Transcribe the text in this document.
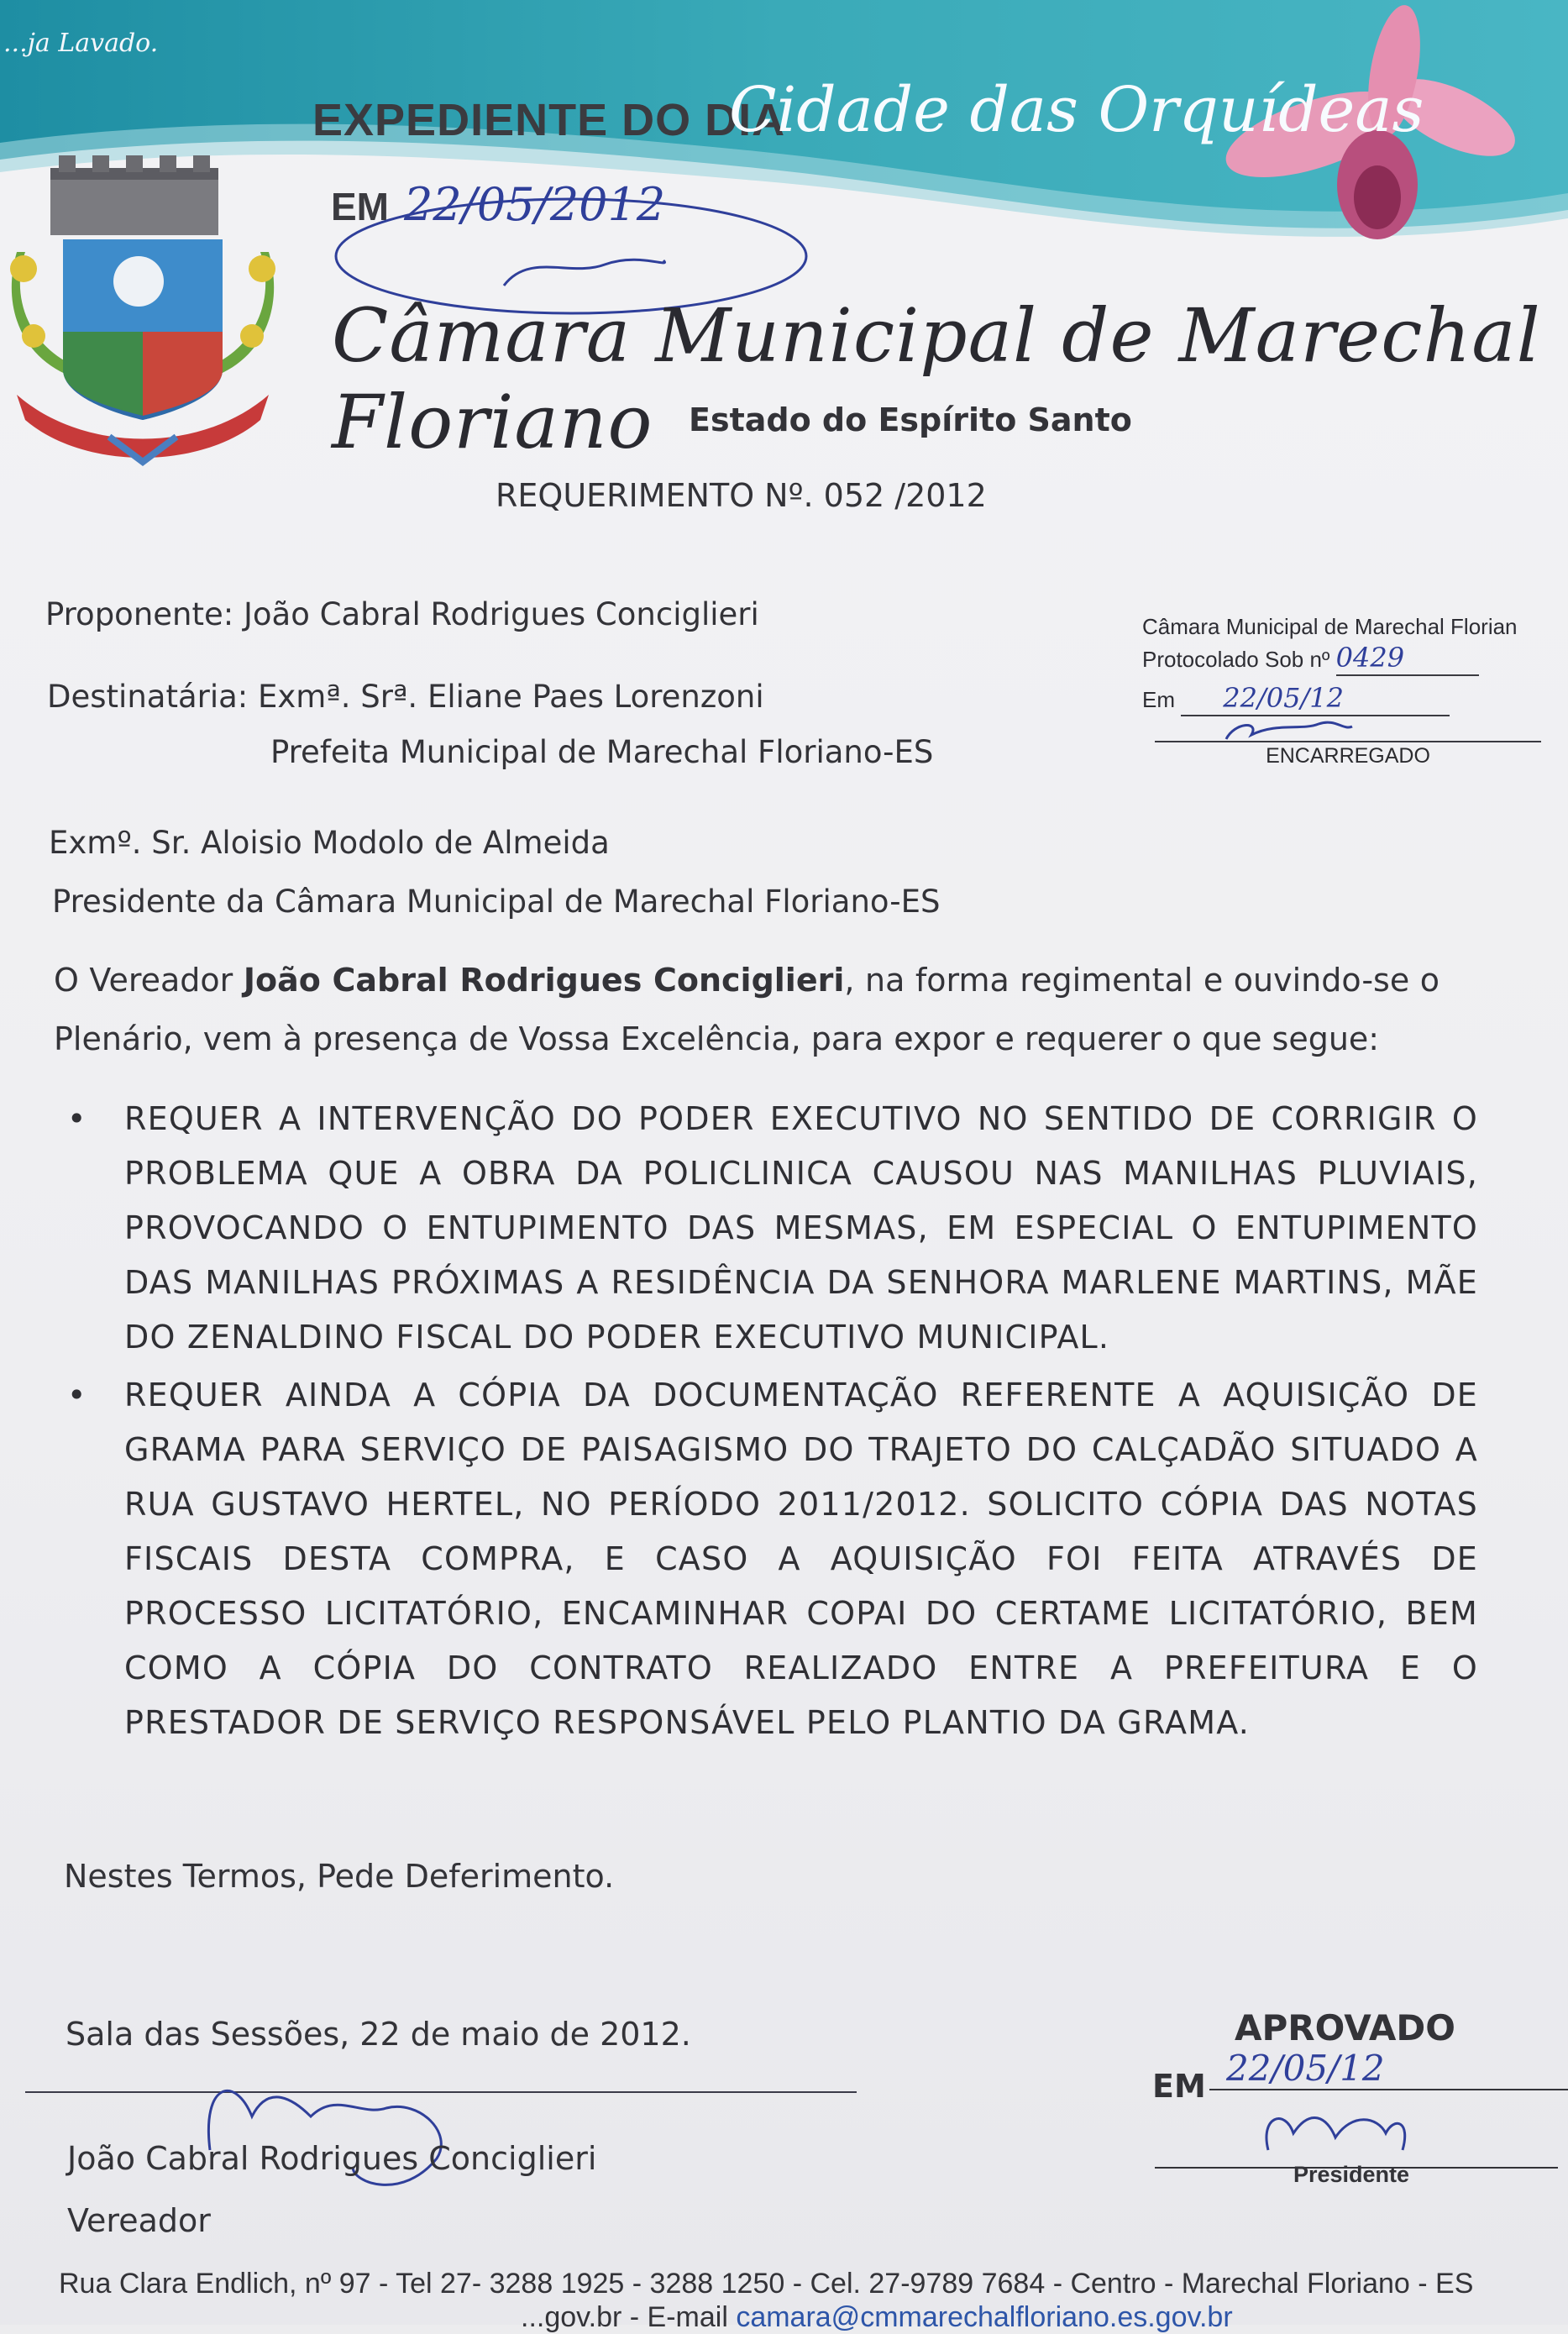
...ja Lavado.
EXPEDIENTE DO DIA
Cidade das Orquídeas
EM 22/05/2012
Câmara Municipal de Marechal Floriano	Estado do Espírito Santo
REQUERIMENTO Nº. 052 /2012
Proponente: João Cabral Rodrigues Conciglieri
Destinatária: Exmª. Srª. Eliane Paes Lorenzoni
Prefeita Municipal de Marechal Floriano-ES
Câmara Municipal de Marechal Florian
Protocolado Sob nº 0429
Em 22/05/12
ENCARREGADO
Exmº. Sr. Aloisio Modolo de Almeida
Presidente da Câmara Municipal de Marechal Floriano-ES
O Vereador João Cabral Rodrigues Conciglieri, na forma regimental e ouvindo-se o Plenário, vem à presença de Vossa Excelência, para expor e requerer o que segue:
• REQUER A INTERVENÇÃO DO PODER EXECUTIVO NO SENTIDO DE CORRIGIR O PROBLEMA QUE A OBRA DA POLICLINICA CAUSOU NAS MANILHAS PLUVIAIS, PROVOCANDO O ENTUPIMENTO DAS MESMAS, EM ESPECIAL O ENTUPIMENTO DAS MANILHAS PRÓXIMAS A RESIDÊNCIA DA SENHORA MARLENE MARTINS, MÃE DO ZENALDINO FISCAL DO PODER EXECUTIVO MUNICIPAL.
• REQUER AINDA A CÓPIA DA DOCUMENTAÇÃO REFERENTE A AQUISIÇÃO DE GRAMA PARA SERVIÇO DE PAISAGISMO DO TRAJETO DO CALÇADÃO SITUADO A RUA GUSTAVO HERTEL, NO PERÍODO 2011/2012. SOLICITO CÓPIA DAS NOTAS FISCAIS DESTA COMPRA, E CASO A AQUISIÇÃO FOI FEITA ATRAVÉS DE PROCESSO LICITATÓRIO, ENCAMINHAR COPAI DO CERTAME LICITATÓRIO, BEM COMO A CÓPIA DO CONTRATO REALIZADO ENTRE A PREFEITURA E O PRESTADOR DE SERVIÇO RESPONSÁVEL PELO PLANTIO DA GRAMA.
Nestes Termos, Pede Deferimento.
Sala das Sessões, 22 de maio de 2012.
João Cabral Rodrigues Conciglieri
Vereador
APROVADO
EM 22/05/12
Presidente
Rua Clara Endlich, nº 97 - Tel 27- 3288 1925 - 3288 1250 - Cel. 27-9789 7684 - Centro - Marechal Floriano - ES
...gov.br - E-mail camara@cmmarechalfloriano.es.gov.br
